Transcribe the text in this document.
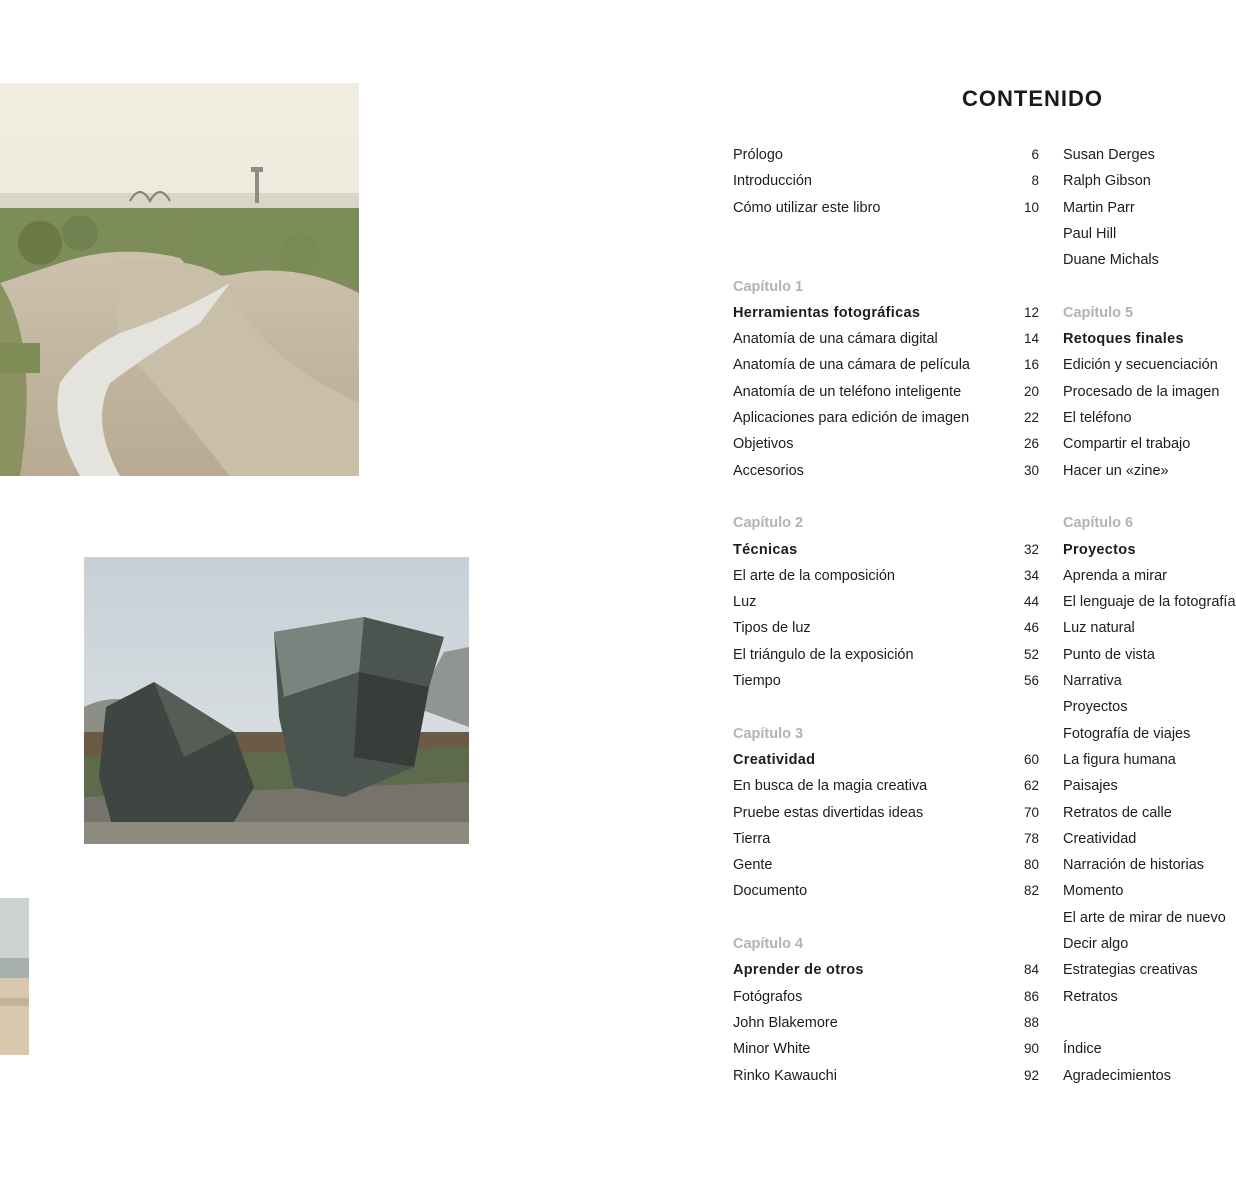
CONTENIDO
Prólogo	6
Introducción	8
Cómo utilizar este libro	10
Capítulo 1
Herramientas fotográficas	12
Anatomía de una cámara digital	14
Anatomía de una cámara de película	16
Anatomía de un teléfono inteligente	20
Aplicaciones para edición de imagen	22
Objetivos	26
Accesorios	30
Capítulo 2
Técnicas	32
El arte de la composición	34
Luz	44
Tipos de luz	46
El triángulo de la exposición	52
Tiempo	56
Capítulo 3
Creatividad	60
En busca de la magia creativa	62
Pruebe estas divertidas ideas	70
Tierra	78
Gente	80
Documento	82
Capítulo 4
Aprender de otros	84
Fotógrafos	86
John Blakemore	88
Minor White	90
Rinko Kawauchi	92
Susan Derges
Ralph Gibson
Martin Parr
Paul Hill
Duane Michals
Capítulo 5
Retoques finales
Edición y secuenciación
Procesado de la imagen
El teléfono
Compartir el trabajo
Hacer un «zine»
Capítulo 6
Proyectos
Aprenda a mirar
El lenguaje de la fotografía
Luz natural
Punto de vista
Narrativa
Proyectos
Fotografía de viajes
La figura humana
Paisajes
Retratos de calle
Creatividad
Narración de historias
Momento
El arte de mirar de nuevo
Decir algo
Estrategias creativas
Retratos
Índice
Agradecimientos
